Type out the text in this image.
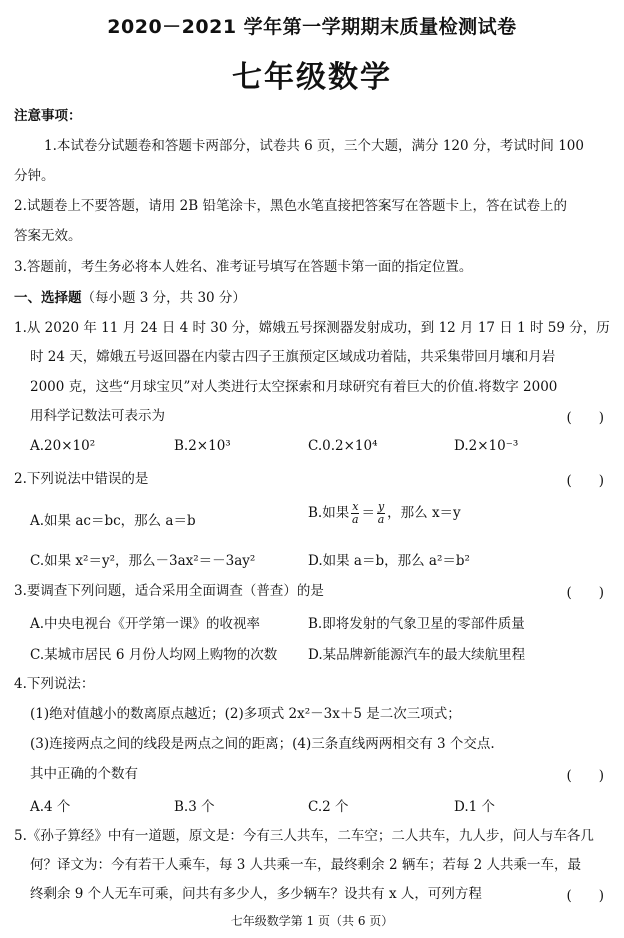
2020－2021 学年第一学期期末质量检测试卷
七年级数学
注意事项：
1.本试卷分试题卷和答题卡两部分，试卷共 6 页，三个大题，满分 120 分，考试时间 100
分钟。
2.试题卷上不要答题，请用 2B 铅笔涂卡，黑色水笔直接把答案写在答题卡上，答在试卷上的
答案无效。
3.答题前，考生务必将本人姓名、准考证号填写在答题卡第一面的指定位置。
一、选择题（每小题 3 分，共 30 分）
1.从 2020 年 11 月 24 日 4 时 30 分，嫦娥五号探测器发射成功，到 12 月 17 日 1 时 59 分，历
时 24 天，嫦娥五号返回器在内蒙古四子王旗预定区域成功着陆，共采集带回月壤和月岩
2000 克，这些“月球宝贝”对人类进行太空探索和月球研究有着巨大的价值.将数字 2000
用科学记数法可表示为	(　　)
A.20×10²	B.2×10³	C.0.2×10⁴	D.2×10⁻³
2.下列说法中错误的是	(　　)
A.如果 ac＝bc，那么 a＝b	B.如果 $\frac{x}{a} = \frac{y}{a}$ ，那么 x＝y
C.如果 x²＝y²，那么－3ax²＝－3ay²	D.如果 a＝b，那么 a²＝b²
3.要调查下列问题，适合采用全面调查（普查）的是	(　　)
A.中央电视台《开学第一课》的收视率	B.即将发射的气象卫星的零部件质量
C.某城市居民 6 月份人均网上购物的次数 D.某品牌新能源汽车的最大续航里程
4.下列说法：
(1)绝对值越小的数离原点越近；(2)多项式 2x²－3x＋5 是二次三项式；
(3)连接两点之间的线段是两点之间的距离；(4)三条直线两两相交有 3 个交点.
其中正确的个数有	(　　)
A.4 个	B.3 个	C.2 个	D.1 个
5.《孙子算经》中有一道题，原文是：今有三人共车，二车空；二人共车，九人步，问人与车各几
何？译文为：今有若干人乘车，每 3 人共乘一车，最终剩余 2 辆车；若每 2 人共乘一车，最
终剩余 9 个人无车可乘，问共有多少人，多少辆车？设共有 x 人，可列方程	(　　)
七年级数学第 1 页（共 6 页）
